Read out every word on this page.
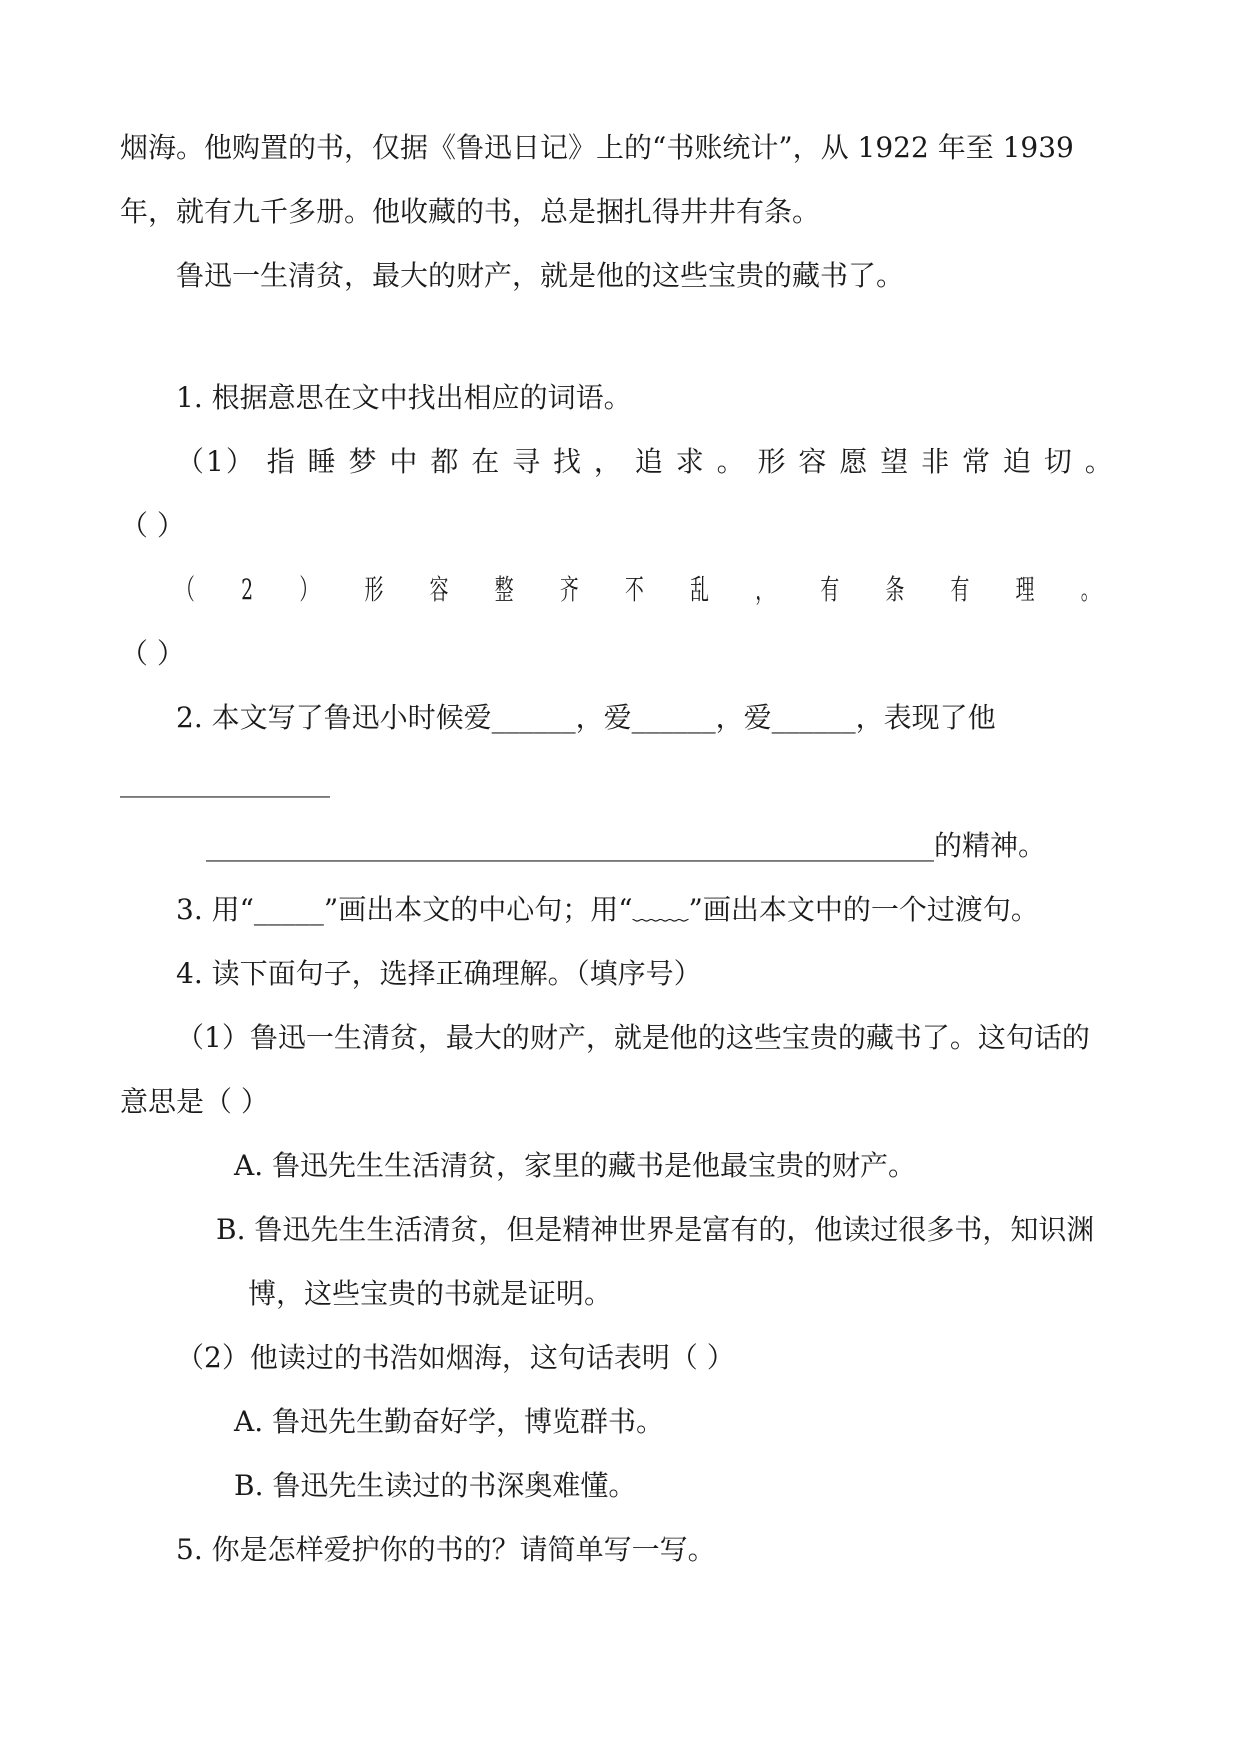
烟海。他购置的书，仅据《鲁迅日记》上的“书账统计”，从 1922 年至 1939
年，就有九千多册。他收藏的书，总是捆扎得井井有条。
鲁迅一生清贫，最大的财产，就是他的这些宝贵的藏书了。
1. 根据意思在文中找出相应的词语。
（1） 指 睡 梦 中 都 在 寻 找 ， 追 求 。 形 容 愿 望 非 常 迫 切 。
（ ）
（ 2 ） 形 容 整 齐 不 乱 ， 有 条 有 理 。
（ ）
2. 本文写了鲁迅小时候爱______，爱______，爱______，表现了他
_______________
____________________________________________________的精神。
3. 用“_____”画出本文的中心句；用“﹏﹏”画出本文中的一个过渡句。
4. 读下面句子，选择正确理解。（填序号）
（1）鲁迅一生清贫，最大的财产，就是他的这些宝贵的藏书了。这句话的
意思是（ ）
A. 鲁迅先生生活清贫，家里的藏书是他最宝贵的财产。
B. 鲁迅先生生活清贫，但是精神世界是富有的，他读过很多书，知识渊
博，这些宝贵的书就是证明。
（2）他读过的书浩如烟海，这句话表明（ ）
A. 鲁迅先生勤奋好学，博览群书。
B. 鲁迅先生读过的书深奥难懂。
5. 你是怎样爱护你的书的？请简单写一写。
